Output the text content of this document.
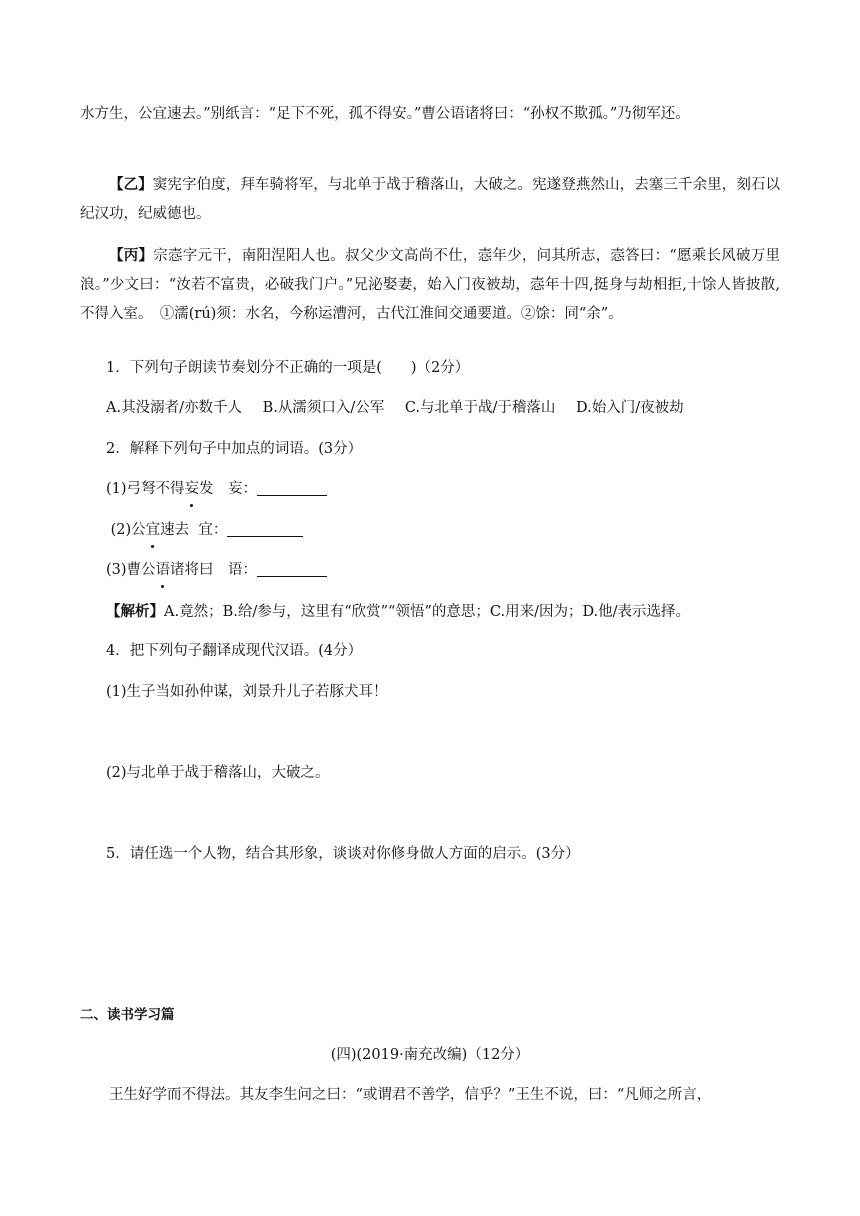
水方生，公宜速去。”别纸言：“足下不死，孤不得安。”曹公语诸将曰：“孙权不欺孤。”乃彻军还。
【乙】窦宪字伯度，拜车骑将军，与北单于战于稽落山，大破之。宪遂登燕然山，去塞三千余里，刻石以纪汉功，纪威德也。
【丙】宗悫字元干，南阳涅阳人也。叔父少文高尚不仕，悫年少，问其所志，悫答曰：“愿乘长风破万里浪。”少文曰：“汝若不富贵，必破我门户。”兄泌娶妻，始入门夜被劫，悫年十四,挺身与劫相拒,十馀人皆披散,不得入室。　①濡(rú)须：水名，今称运漕河，古代江淮间交通要道。②馀：同“余”。
1．下列句子朗读节奏划分不正确的一项是(　　)（2分）
A.其没溺者/亦数千人 B.从濡须口入/公军 C.与北单于战/于稽落山 D.始入门/夜被劫
2．解释下列句子中加点的词语。(3分）
(1)弓弩不得妄发　 妄：
(2)公宜速去 宜：
(3)曹公语诸将曰　 语：
【解析】A.竟然；B.给/参与，这里有“欣赏”“领悟”的意思；C.用来/因为；D.他/表示选择。
4．把下列句子翻译成现代汉语。(4分）
(1)生子当如孙仲谋，刘景升儿子若豚犬耳！
(2)与北单于战于稽落山，大破之。
5．请任选一个人物，结合其形象，谈谈对你修身做人方面的启示。(3分）
二、读书学习篇
(四)(2019·南充改编)（12分）
王生好学而不得法。其友李生问之曰：“或谓君不善学，信乎？”王生不说，曰：“凡师之所言，
